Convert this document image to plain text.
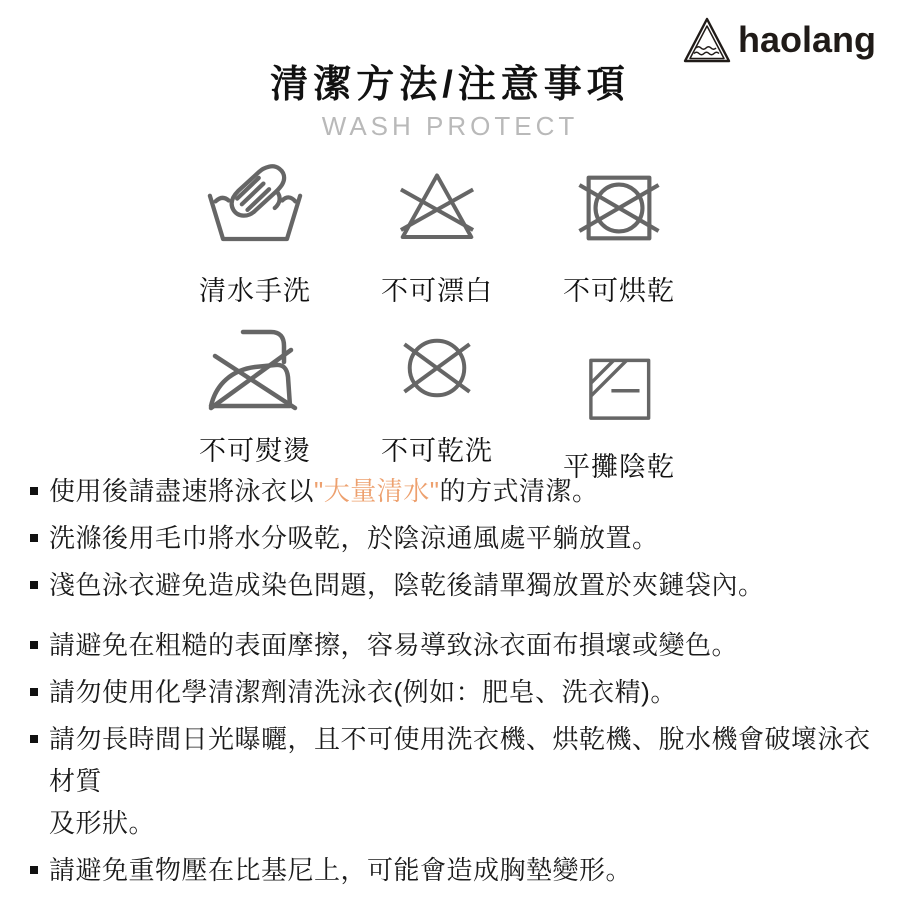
haolang
清潔方法/注意事項
WASH PROTECT
清水手洗	不可漂白	不可烘乾
不可熨燙	不可乾洗
平攤陰乾
使用後請盡速將泳衣以"大量清水"的方式清潔。
洗滌後用毛巾將水分吸乾，於陰涼通風處平躺放置。
淺色泳衣避免造成染色問題，陰乾後請單獨放置於夾鏈袋內。
請避免在粗糙的表面摩擦，容易導致泳衣面布損壞或變色。
請勿使用化學清潔劑清洗泳衣(例如：肥皂、洗衣精)。
請勿長時間日光曝曬，且不可使用洗衣機、烘乾機、脫水機會破壞泳衣材質
及形狀。
請避免重物壓在比基尼上，可能會造成胸墊變形。
